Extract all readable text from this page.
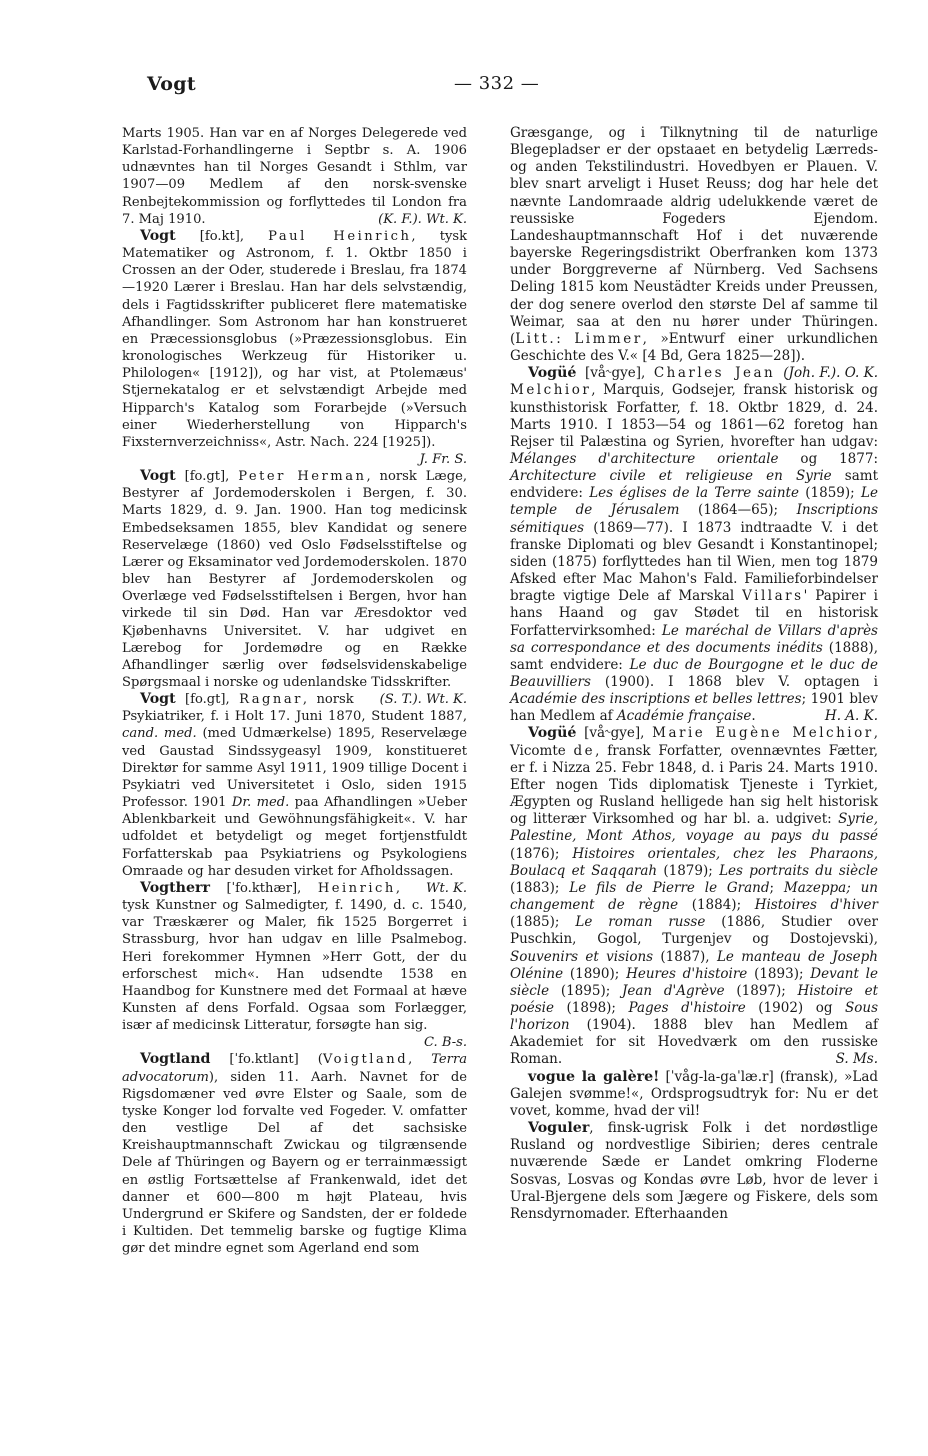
Vogt	— 332 —

Marts 1905. Han var en af Norges Delegerede ved Karlstad-Forhandlingerne i Septbr s. A. 1906 udnævntes han til Norges Gesandt i Sthlm, var 1907—09 Medlem af den norsk-svenske Renbejtekommission og forflyttedes til London fra 7. Maj 1910.	(K. F.). Wt. K.

Vogt [fo.kt], Paul Heinrich, tysk Matematiker og Astronom, f. 1. Oktbr 1850 i Crossen an der Oder, studerede i Breslau, fra 1874—1920 Lærer i Breslau. Han har dels selvstændig, dels i Fagtidsskrifter publiceret flere matematiske Afhandlinger. Som Astronom har han konstrueret en Præcessionsglobus (»Præzessionsglobus. Ein kronologisches Werkzeug für Historiker u. Philologen« [1912]), og har vist, at Ptolemæus' Stjernekatalog er et selvstændigt Arbejde med Hipparch's Katalog som Forarbejde (»Versuch einer Wiederherstellung von Hipparch's Fixsternverzeichniss«, Astr. Nach. 224 [1925]).

J. Fr. S.

Vogt [fo.gt], Peter Herman, norsk Læge, Bestyrer af Jordemoderskolen i Bergen, f. 30. Marts 1829, d. 9. Jan. 1900. Han tog medicinsk Embedseksamen 1855, blev Kandidat og senere Reservelæge (1860) ved Oslo Fødselsstiftelse og Lærer og Eksaminator ved Jordemoderskolen. 1870 blev han Bestyrer af Jordemoderskolen og Overlæge ved Fødselsstiftelsen i Bergen, hvor han virkede til sin Død. Han var Æresdoktor ved Kjøbenhavns Universitet. V. har udgivet en Lærebog for Jordemødre og en Række Afhandlinger særlig over fødselsvidenskabelige Spørgsmaal i norske og udenlandske Tidsskrifter.
(S. T.). Wt. K.

Vogt [fo.gt], Ragnar, norsk Psykiatriker, f. i Holt 17. Juni 1870, Student 1887, cand. med. (med Udmærkelse) 1895, Reservelæge ved Gaustad Sindssygeasyl 1909, konstitueret Direktør for samme Asyl 1911, 1909 tillige Docent i Psykiatri ved Universitetet i Oslo, siden 1915 Professor. 1901 Dr. med. paa Afhandlingen »Ueber Ablenkbarkeit und Gewöhnungsfähigkeit«. V. har udfoldet et betydeligt og meget fortjenstfuldt Forfatterskab paa Psykiatriens og Psykologiens Omraade og har desuden virket for Afholdssagen.
Wt. K.

Vogtherr [ˈfo.kthær], Heinrich, tysk Kunstner og Salmedigter, f. 1490, d. c. 1540, var Træskærer og Maler, fik 1525 Borgerret i Strassburg, hvor han udgav en lille Psalmebog. Heri forekommer Hymnen »Herr Gott, der du erforschest mich«. Han udsendte 1538 en Haandbog for Kunstnere med det Formaal at hæve Kunsten af dens Forfald. Ogsaa som Forlægger, især af medicinsk Litteratur, forsøgte han sig.

C. B-s.

Vogtland [ˈfo.ktlant] (Voigtland, Terra advocatorum), siden 11. Aarh. Navnet for de Rigsdomæner ved øvre Elster og Saale, som de tyske Konger lod forvalte ved Fogeder. V. omfatter den vestlige Del af det sachsiske Kreishauptmannschaft Zwickau og tilgrænsende Dele af Thüringen og Bayern og er terrainmæssigt en østlig Fortsættelse af Frankenwald, idet det danner et 600—800 m højt Plateau, hvis Undergrund er Skifere og Sandsten, der er foldede i Kultiden. Det temmelig barske og fugtige Klima gør det mindre egnet som Agerland end som

Græsgange, og i Tilknytning til de naturlige Blegepladser er der opstaaet en betydelig Lærreds- og anden Tekstilindustri. Hovedbyen er Plauen. V. blev snart arveligt i Huset Reuss; dog har hele det nævnte Landomraade aldrig udelukkende været de reussiske Fogeders Ejendom. Landeshauptmannschaft Hof i det nuværende bayerske Regeringsdistrikt Oberfranken kom 1373 under Borggreverne af Nürnberg. Ved Sachsens Deling 1815 kom Neustädter Kreids under Preussen, der dog senere overlod den største Del af samme til Weimar, saa at den nu hører under Thüringen. (Litt.: Limmer, »Entwurf einer urkundlichen Geschichte des V.« [4 Bd, Gera 1825—28]).
(Joh. F.). O. K.

Vogüé [vå˞gye], Charles Jean Melchior, Marquis, Godsejer, fransk historisk og kunsthistorisk Forfatter, f. 18. Oktbr 1829, d. 24. Marts 1910. I 1853—54 og 1861—62 foretog han Rejser til Palæstina og Syrien, hvorefter han udgav: Mélanges d'architecture orientale og 1877: Architecture civile et religieuse en Syrie samt endvidere: Les églises de la Terre sainte (1859); Le temple de Jérusalem (1864—65); Inscriptions sémitiques (1869—77). I 1873 indtraadte V. i det franske Diplomati og blev Gesandt i Konstantinopel; siden (1875) forflyttedes han til Wien, men tog 1879 Afsked efter Mac Mahon's Fald. Familieforbindelser bragte vigtige Dele af Marskal Villars' Papirer i hans Haand og gav Stødet til en historisk Forfattervirksomhed: Le maréchal de Villars d'après sa correspondance et des documents inédits (1888), samt endvidere: Le duc de Bourgogne et le duc de Beauvilliers (1900). I 1868 blev V. optagen i Académie des inscriptions et belles lettres; 1901 blev han Medlem af Académie française.	H. A. K.

Vogüé [vå˞gye], Marie Eugène Melchior, Vicomte de, fransk Forfatter, ovennævntes Fætter, er f. i Nizza 25. Febr 1848, d. i Paris 24. Marts 1910. Efter nogen Tids diplomatisk Tjeneste i Tyrkiet, Ægypten og Rusland helligede han sig helt historisk og litterær Virksomhed og har bl. a. udgivet: Syrie, Palestine, Mont Athos, voyage au pays du passé (1876); Histoires orientales, chez les Pharaons, Boulacq et Saqqarah (1879); Les portraits du siècle (1883); Le fils de Pierre le Grand; Mazeppa; un changement de règne (1884); Histoires d'hiver (1885); Le roman russe (1886, Studier over Puschkin, Gogol, Turgenjev og Dostojevski), Souvenirs et visions (1887), Le manteau de Joseph Olénine (1890); Heures d'histoire (1893); Devant le siècle (1895); Jean d'Agrève (1897); Histoire et poésie (1898); Pages d'histoire (1902) og Sous l'horizon (1904). 1888 blev han Medlem af Akademiet for sit Hovedværk om den russiske Roman.	S. Ms.

vogue la galère! [ˈvåg-la-gaˈlæ.r] (fransk), »Lad Galejen svømme!«, Ordsprogsudtryk for: Nu er det vovet, komme, hvad der vil!

Voguler, finsk-ugrisk Folk i det nordøstlige Rusland og nordvestlige Sibirien; deres centrale nuværende Sæde er Landet omkring Floderne Sosvas, Losvas og Kondas øvre Løb, hvor de lever i Ural-Bjergene dels som Jægere og Fiskere, dels som Rensdyrnomader. Efterhaanden
